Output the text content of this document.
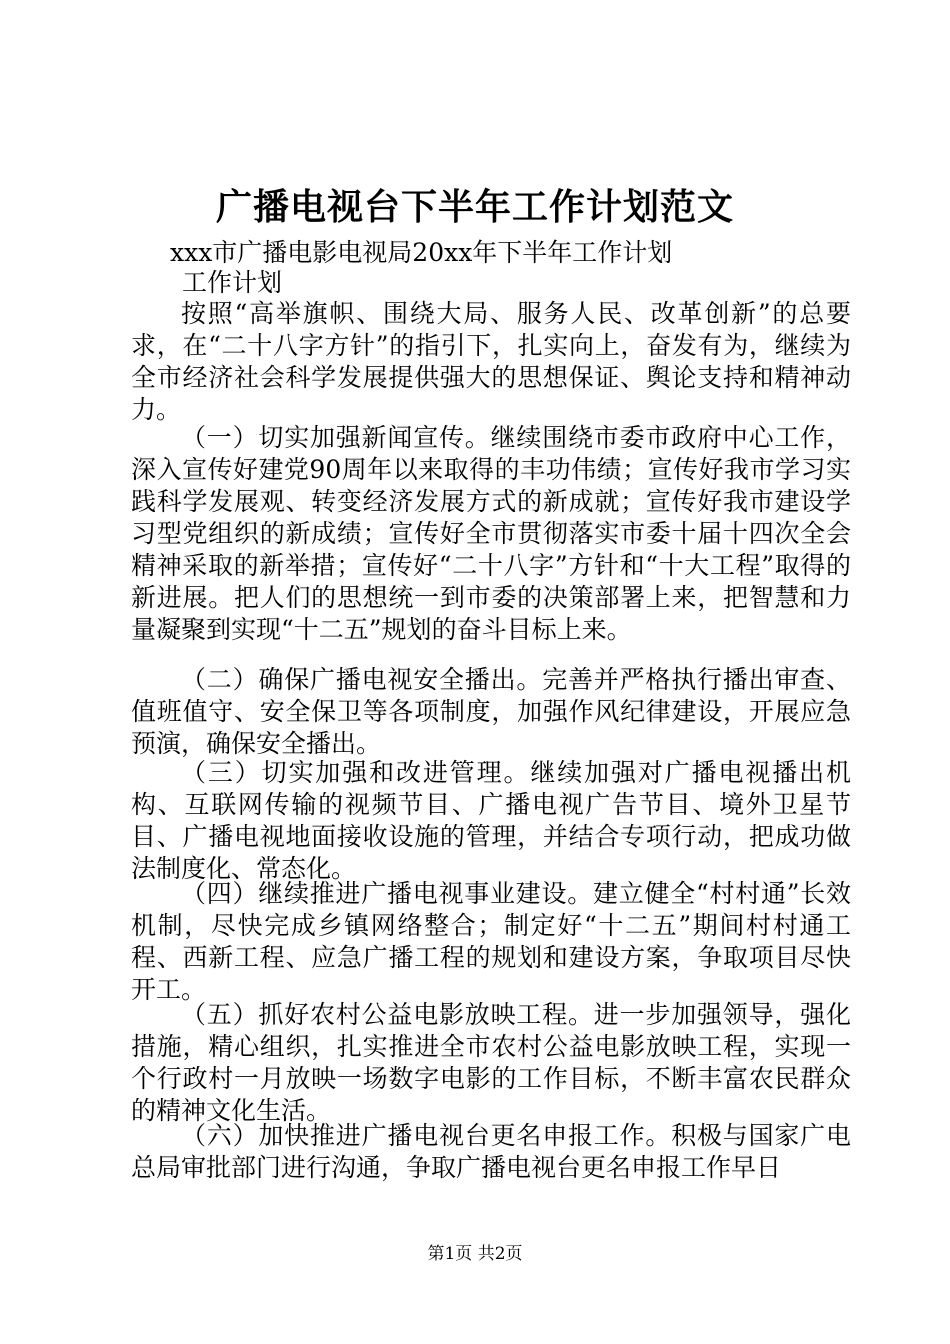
广播电视台下半年工作计划范文

xxx市广播电影电视局20xx年下半年工作计划

工作计划

按照“高举旗帜、围绕大局、服务人民、改革创新”的总要求，在“二十八字方针”的指引下，扎实向上，奋发有为，继续为全市经济社会科学发展提供强大的思想保证、舆论支持和精神动力。

（一）切实加强新闻宣传。继续围绕市委市政府中心工作，深入宣传好建党90周年以来取得的丰功伟绩；宣传好我市学习实践科学发展观、转变经济发展方式的新成就；宣传好我市建设学习型党组织的新成绩；宣传好全市贯彻落实市委十届十四次全会精神采取的新举措；宣传好“二十八字”方针和“十大工程”取得的新进展。把人们的思想统一到市委的决策部署上来，把智慧和力量凝聚到实现“十二五”规划的奋斗目标上来。

（二）确保广播电视安全播出。完善并严格执行播出审查、值班值守、安全保卫等各项制度，加强作风纪律建设，开展应急预演，确保安全播出。

（三）切实加强和改进管理。继续加强对广播电视播出机构、互联网传输的视频节目、广播电视广告节目、境外卫星节目、广播电视地面接收设施的管理，并结合专项行动，把成功做法制度化、常态化。

（四）继续推进广播电视事业建设。建立健全“村村通”长效机制，尽快完成乡镇网络整合；制定好“十二五”期间村村通工程、西新工程、应急广播工程的规划和建设方案，争取项目尽快开工。

（五）抓好农村公益电影放映工程。进一步加强领导，强化措施，精心组织，扎实推进全市农村公益电影放映工程，实现一个行政村一月放映一场数字电影的工作目标，不断丰富农民群众的精神文化生活。

（六）加快推进广播电视台更名申报工作。积极与国家广电总局审批部门进行沟通，争取广播电视台更名申报工作早日

第1页 共2页
